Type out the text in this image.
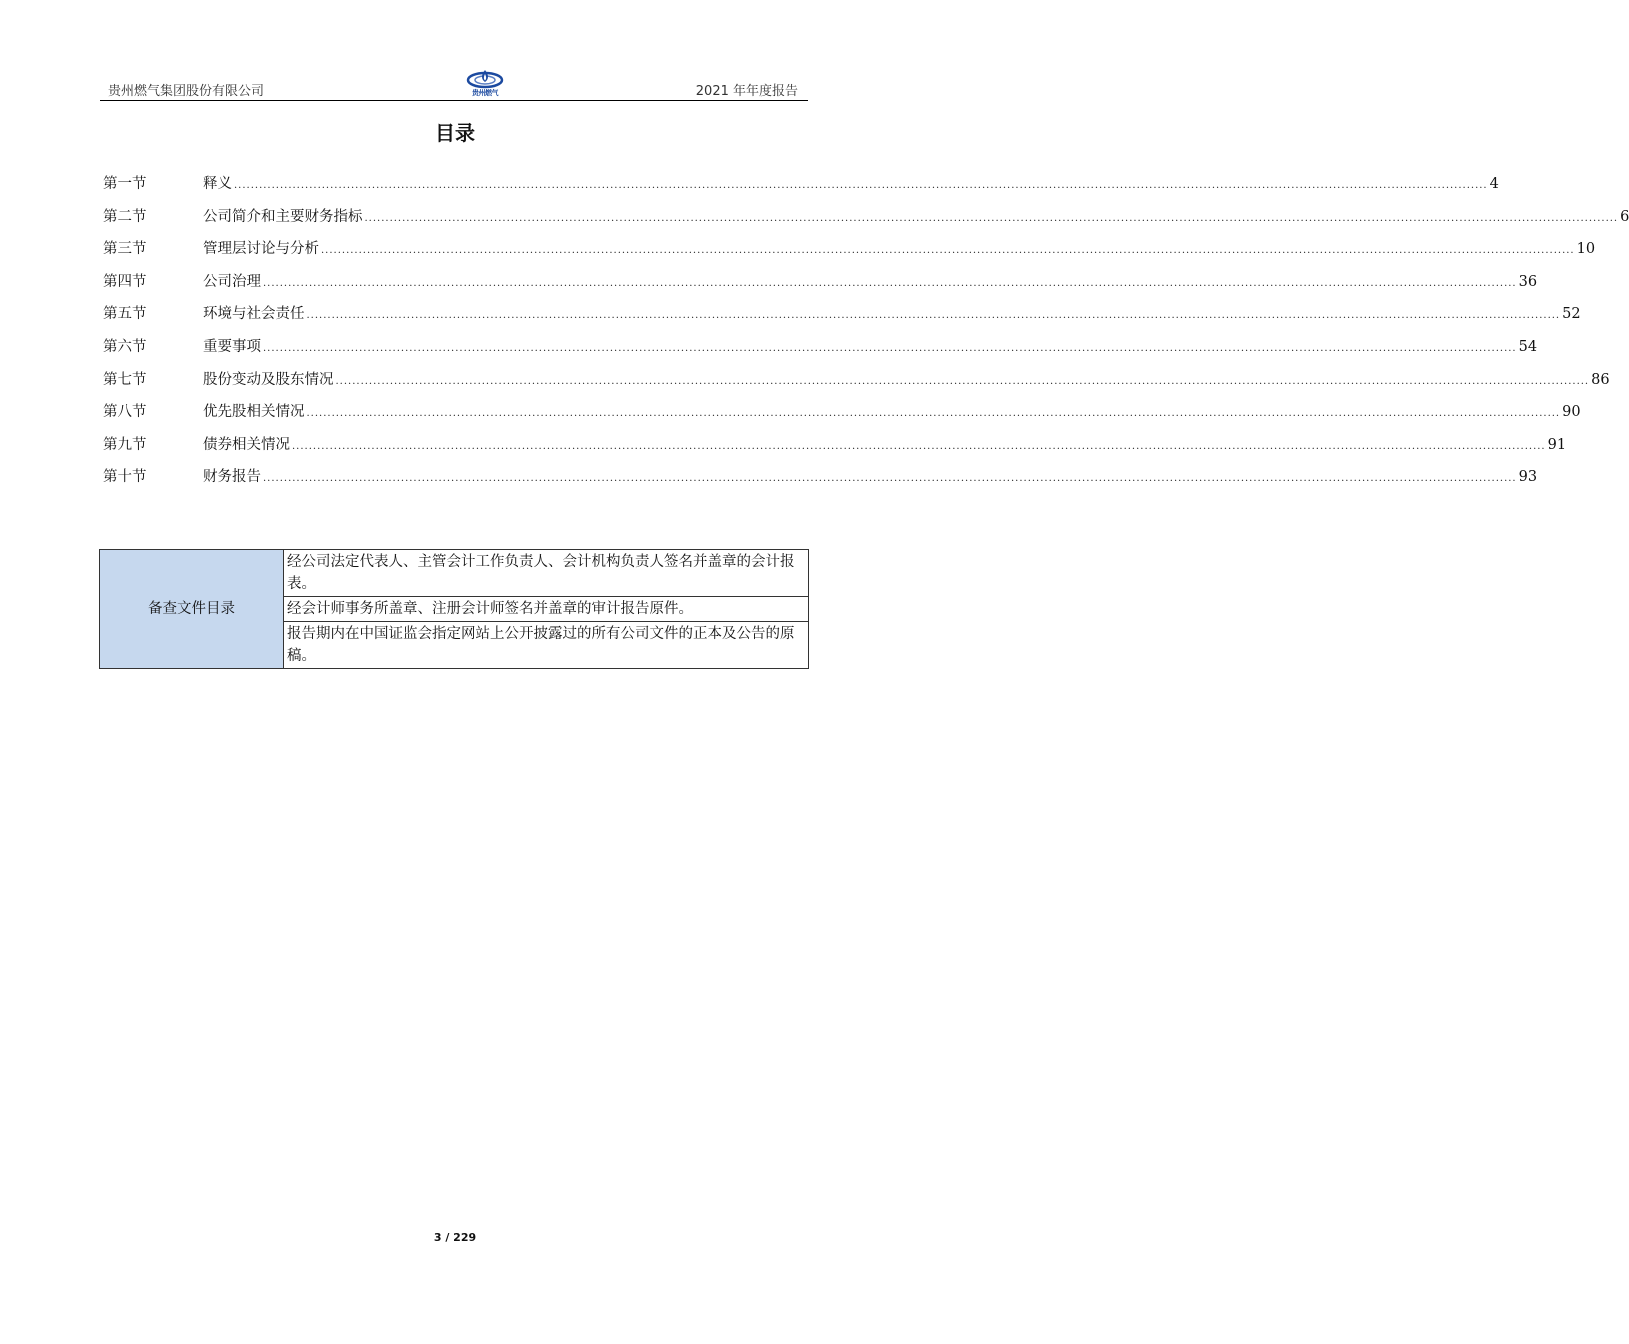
贵州燃气集团股份有限公司	贵州燃气	2021 年年度报告
目录
第一节	释义 ............................................................................................................................................................................................................................................................................................................ 4
第二节	公司简介和主要财务指标 ............................................................................................................................................................................................................................................................................................................ 6
第三节	管理层讨论与分析 ............................................................................................................................................................................................................................................................................................................ 10
第四节	公司治理 ............................................................................................................................................................................................................................................................................................................ 36
第五节	环境与社会责任 ............................................................................................................................................................................................................................................................................................................ 52
第六节	重要事项 ............................................................................................................................................................................................................................................................................................................ 54
第七节	股份变动及股东情况 ............................................................................................................................................................................................................................................................................................................ 86
第八节	优先股相关情况 ............................................................................................................................................................................................................................................................................................................ 90
第九节	债券相关情况 ............................................................................................................................................................................................................................................................................................................ 91
第十节	财务报告 ............................................................................................................................................................................................................................................................................................................ 93
备查文件目录	经公司法定代表人、主管会计工作负责人、会计机构负责人签名并盖章的会计报表。
经会计师事务所盖章、注册会计师签名并盖章的审计报告原件。
报告期内在中国证监会指定网站上公开披露过的所有公司文件的正本及公告的原稿。
3 / 229
